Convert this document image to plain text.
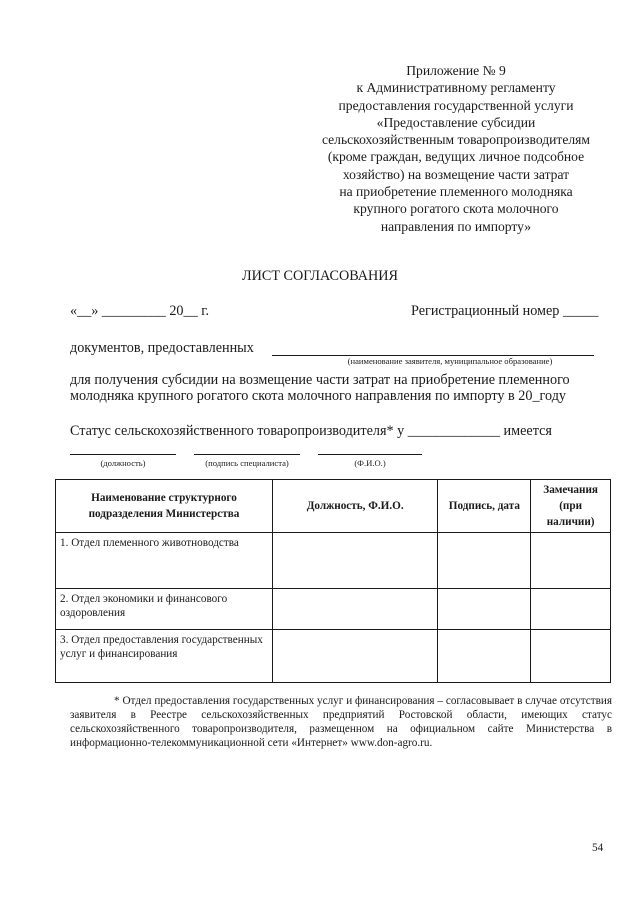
Приложение № 9
к Административному регламенту
предоставления государственной услуги
«Предоставление субсидии
сельскохозяйственным товаропроизводителям
(кроме граждан, ведущих личное подсобное
хозяйство) на возмещение части затрат
на приобретение племенного молодняка
крупного рогатого скота молочного
направления по импорту»
ЛИСТ СОГЛАСОВАНИЯ
«__» _________ 20__ г.	Регистрационный номер _____
документов, предоставленных
(наименование заявителя, муниципальное образование)
для получения субсидии на возмещение части затрат на приобретение племенного
молодняка крупного рогатого скота молочного направления по импорту в 20_году
Статус сельскохозяйственного товаропроизводителя* у _____________ имеется
(должность)	(подпись специалиста)	(Ф.И.О.)
Наименование структурного подразделения Министерства	Должность, Ф.И.О.	Подпись, дата	Замечания (при наличии)
1. Отдел племенного животноводства			
2. Отдел экономики и финансового оздоровления			
3. Отдел предоставления государственных услуг и финансирования			
* Отдел предоставления государственных услуг и финансирования – согласовывает в случае отсутствия заявителя в Реестре сельскохозяйственных предприятий Ростовской области, имеющих статус сельскохозяйственного товаропроизводителя, размещенном на официальном сайте Министерства в информационно-телекоммуникационной сети «Интернет» www.don-agro.ru.
54
